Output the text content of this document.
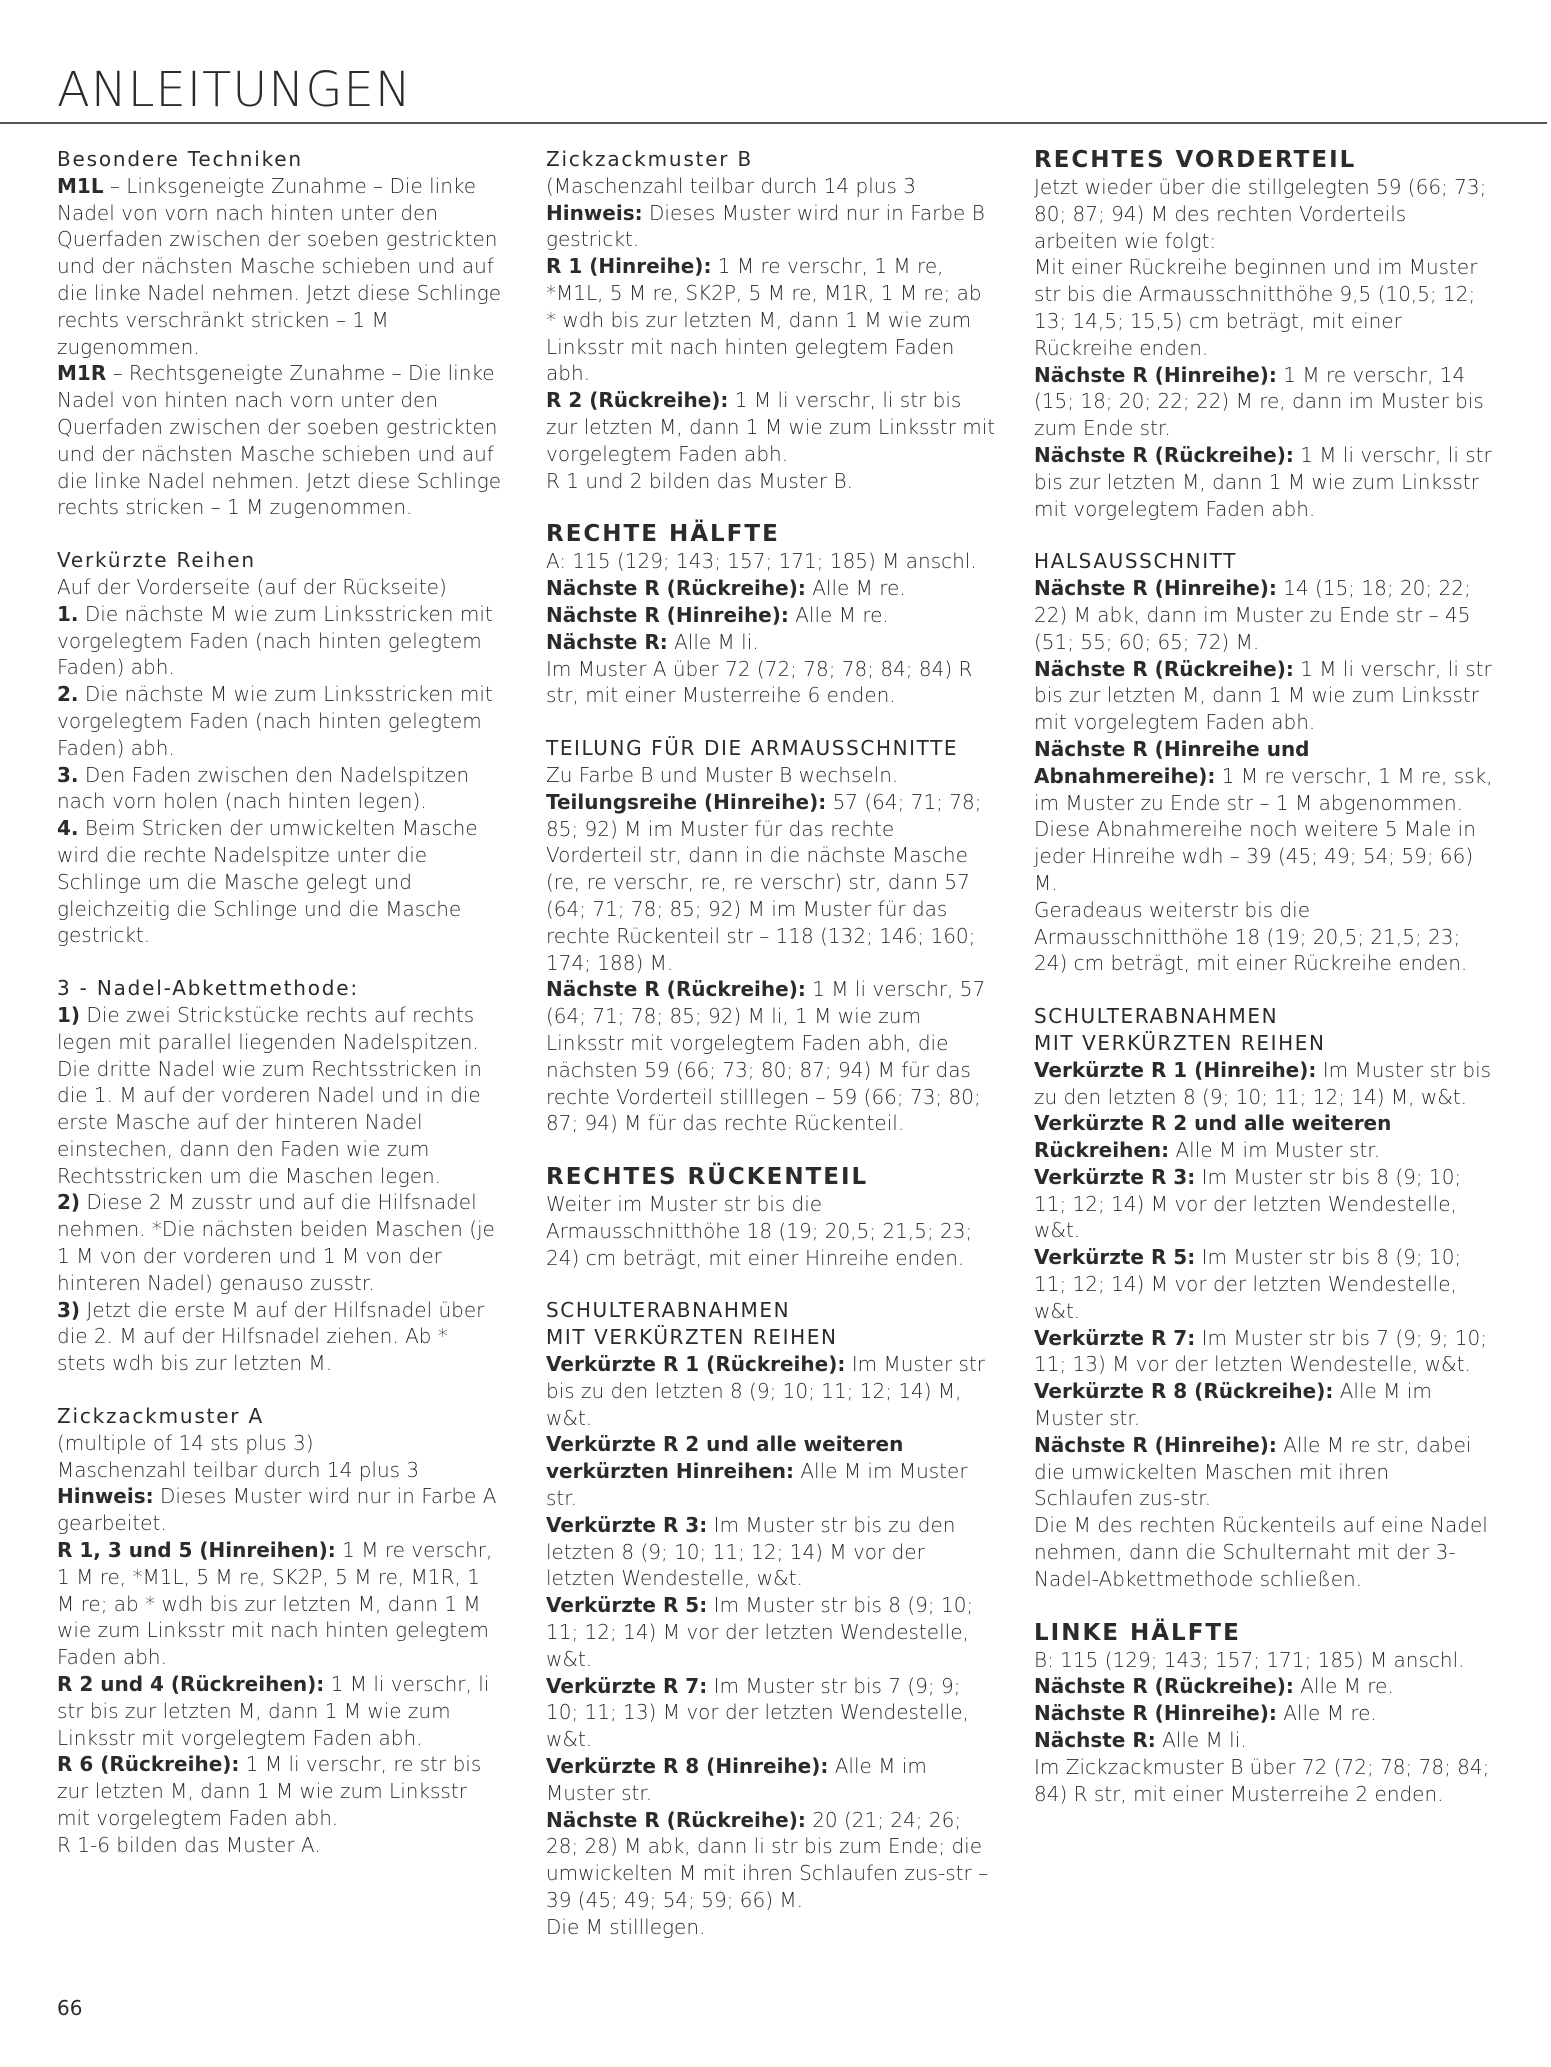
ANLEITUNGEN

Besondere Techniken

M1L – Linksgeneigte Zunahme – Die linke Nadel von vorn nach hinten unter den Querfaden zwischen der soeben gestrickten und der nächsten Masche schieben und auf die linke Nadel nehmen. Jetzt diese Schlinge rechts verschränkt stricken – 1 M zugenommen.

M1R – Rechtsgeneigte Zunahme – Die linke Nadel von hinten nach vorn unter den Querfaden zwischen der soeben gestrickten und der nächsten Masche schieben und auf die linke Nadel nehmen. Jetzt diese Schlinge rechts stricken – 1 M zugenommen.

Verkürzte Reihen

Auf der Vorderseite (auf der Rückseite)

1. Die nächste M wie zum Linksstricken mit vorgelegtem Faden (nach hinten gelegtem Faden) abh.

2. Die nächste M wie zum Linksstricken mit vorgelegtem Faden (nach hinten gelegtem Faden) abh.

3. Den Faden zwischen den Nadelspitzen nach vorn holen (nach hinten legen).

4. Beim Stricken der umwickelten Masche wird die rechte Nadelspitze unter die Schlinge um die Masche gelegt und gleichzeitig die Schlinge und die Masche gestrickt.

3 - Nadel-Abkettmethode:

1) Die zwei Strickstücke rechts auf rechts legen mit parallel liegenden Nadelspitzen. Die dritte Nadel wie zum Rechtsstricken in die 1. M auf der vorderen Nadel und in die erste Masche auf der hinteren Nadel einstechen, dann den Faden wie zum Rechtsstricken um die Maschen legen.

2) Diese 2 M zusstr und auf die Hilfsnadel nehmen. *Die nächsten beiden Maschen (je 1 M von der vorderen und 1 M von der hinteren Nadel) genauso zusstr.

3) Jetzt die erste M auf der Hilfsnadel über die 2. M auf der Hilfsnadel ziehen. Ab * stets wdh bis zur letzten M.

Zickzackmuster A

(multiple of 14 sts plus 3)

Maschenzahl teilbar durch 14 plus 3

Hinweis: Dieses Muster wird nur in Farbe A gearbeitet.

R 1, 3 und 5 (Hinreihen): 1 M re verschr, 1 M re, *M1L, 5 M re, SK2P, 5 M re, M1R, 1 M re; ab * wdh bis zur letzten M, dann 1 M wie zum Linksstr mit nach hinten gelegtem Faden abh.

R 2 und 4 (Rückreihen): 1 M li verschr, li str bis zur letzten M, dann 1 M wie zum Linksstr mit vorgelegtem Faden abh.

R 6 (Rückreihe): 1 M li verschr, re str bis zur letzten M, dann 1 M wie zum Linksstr mit vorgelegtem Faden abh.

R 1-6 bilden das Muster A.

Zickzackmuster B

(Maschenzahl teilbar durch 14 plus 3

Hinweis: Dieses Muster wird nur in Farbe B gestrickt.

R 1 (Hinreihe): 1 M re verschr, 1 M re, *M1L, 5 M re, SK2P, 5 M re, M1R, 1 M re; ab * wdh bis zur letzten M, dann 1 M wie zum Linksstr mit nach hinten gelegtem Faden abh.

R 2 (Rückreihe): 1 M li verschr, li str bis zur letzten M, dann 1 M wie zum Linksstr mit vorgelegtem Faden abh.

R 1 und 2 bilden das Muster B.

RECHTE HÄLFTE

A: 115 (129; 143; 157; 171; 185) M anschl.

Nächste R (Rückreihe): Alle M re.

Nächste R (Hinreihe): Alle M re.

Nächste R: Alle M li.

Im Muster A über 72 (72; 78; 78; 84; 84) R str, mit einer Musterreihe 6 enden.

TEILUNG FÜR DIE ARMAUSSCHNITTE

Zu Farbe B und Muster B wechseln.

Teilungsreihe (Hinreihe): 57 (64; 71; 78; 85; 92) M im Muster für das rechte Vorderteil str, dann in die nächste Masche (re, re verschr, re, re verschr) str, dann 57 (64; 71; 78; 85; 92) M im Muster für das rechte Rückenteil str – 118 (132; 146; 160; 174; 188) M.

Nächste R (Rückreihe): 1 M li verschr, 57 (64; 71; 78; 85; 92) M li, 1 M wie zum Linksstr mit vorgelegtem Faden abh, die nächsten 59 (66; 73; 80; 87; 94) M für das rechte Vorderteil stilllegen – 59 (66; 73; 80; 87; 94) M für das rechte Rückenteil.

RECHTES RÜCKENTEIL

Weiter im Muster str bis die Armausschnitthöhe 18 (19; 20,5; 21,5; 23; 24) cm beträgt, mit einer Hinreihe enden.

SCHULTERABNAHMEN

MIT VERKÜRZTEN REIHEN

Verkürzte R 1 (Rückreihe): Im Muster str bis zu den letzten 8 (9; 10; 11; 12; 14) M, w&t.

Verkürzte R 2 und alle weiteren verkürzten Hinreihen: Alle M im Muster str.

Verkürzte R 3: Im Muster str bis zu den letzten 8 (9; 10; 11; 12; 14) M vor der letzten Wendestelle, w&t.

Verkürzte R 5: Im Muster str bis 8 (9; 10; 11; 12; 14) M vor der letzten Wendestelle, w&t.

Verkürzte R 7: Im Muster str bis 7 (9; 9; 10; 11; 13) M vor der letzten Wendestelle, w&t.

Verkürzte R 8 (Hinreihe): Alle M im Muster str.

Nächste R (Rückreihe): 20 (21; 24; 26; 28; 28) M abk, dann li str bis zum Ende; die umwickelten M mit ihren Schlaufen zus-str – 39 (45; 49; 54; 59; 66) M.

Die M stilllegen.

RECHTES VORDERTEIL

Jetzt wieder über die stillgelegten 59 (66; 73; 80; 87; 94) M des rechten Vorderteils arbeiten wie folgt:

Mit einer Rückreihe beginnen und im Muster str bis die Armausschnitthöhe 9,5 (10,5; 12; 13; 14,5; 15,5) cm beträgt, mit einer Rückreihe enden.

Nächste R (Hinreihe): 1 M re verschr, 14 (15; 18; 20; 22; 22) M re, dann im Muster bis zum Ende str.

Nächste R (Rückreihe): 1 M li verschr, li str bis zur letzten M, dann 1 M wie zum Linksstr mit vorgelegtem Faden abh.

HALSAUSSCHNITT

Nächste R (Hinreihe): 14 (15; 18; 20; 22; 22) M abk, dann im Muster zu Ende str – 45 (51; 55; 60; 65; 72) M.

Nächste R (Rückreihe): 1 M li verschr, li str bis zur letzten M, dann 1 M wie zum Linksstr mit vorgelegtem Faden abh.

Nächste R (Hinreihe und Abnahmereihe): 1 M re verschr, 1 M re, ssk, im Muster zu Ende str – 1 M abgenommen.

Diese Abnahmereihe noch weitere 5 Male in jeder Hinreihe wdh – 39 (45; 49; 54; 59; 66) M.

Geradeaus weiterstr bis die Armausschnitthöhe 18 (19; 20,5; 21,5; 23; 24) cm beträgt, mit einer Rückreihe enden.

SCHULTERABNAHMEN

MIT VERKÜRZTEN REIHEN

Verkürzte R 1 (Hinreihe): Im Muster str bis zu den letzten 8 (9; 10; 11; 12; 14) M, w&t.

Verkürzte R 2 und alle weiteren Rückreihen: Alle M im Muster str.

Verkürzte R 3: Im Muster str bis 8 (9; 10; 11; 12; 14) M vor der letzten Wendestelle, w&t.

Verkürzte R 5: Im Muster str bis 8 (9; 10; 11; 12; 14) M vor der letzten Wendestelle, w&t.

Verkürzte R 7: Im Muster str bis 7 (9; 9; 10; 11; 13) M vor der letzten Wendestelle, w&t.

Verkürzte R 8 (Rückreihe): Alle M im Muster str.

Nächste R (Hinreihe): Alle M re str, dabei die umwickelten Maschen mit ihren Schlaufen zus-str.

Die M des rechten Rückenteils auf eine Nadel nehmen, dann die Schulternaht mit der 3-Nadel-Abkettmethode schließen.

LINKE HÄLFTE

B: 115 (129; 143; 157; 171; 185) M anschl.

Nächste R (Rückreihe): Alle M re.

Nächste R (Hinreihe): Alle M re.

Nächste R: Alle M li.

Im Zickzackmuster B über 72 (72; 78; 78; 84; 84) R str, mit einer Musterreihe 2 enden.

66
